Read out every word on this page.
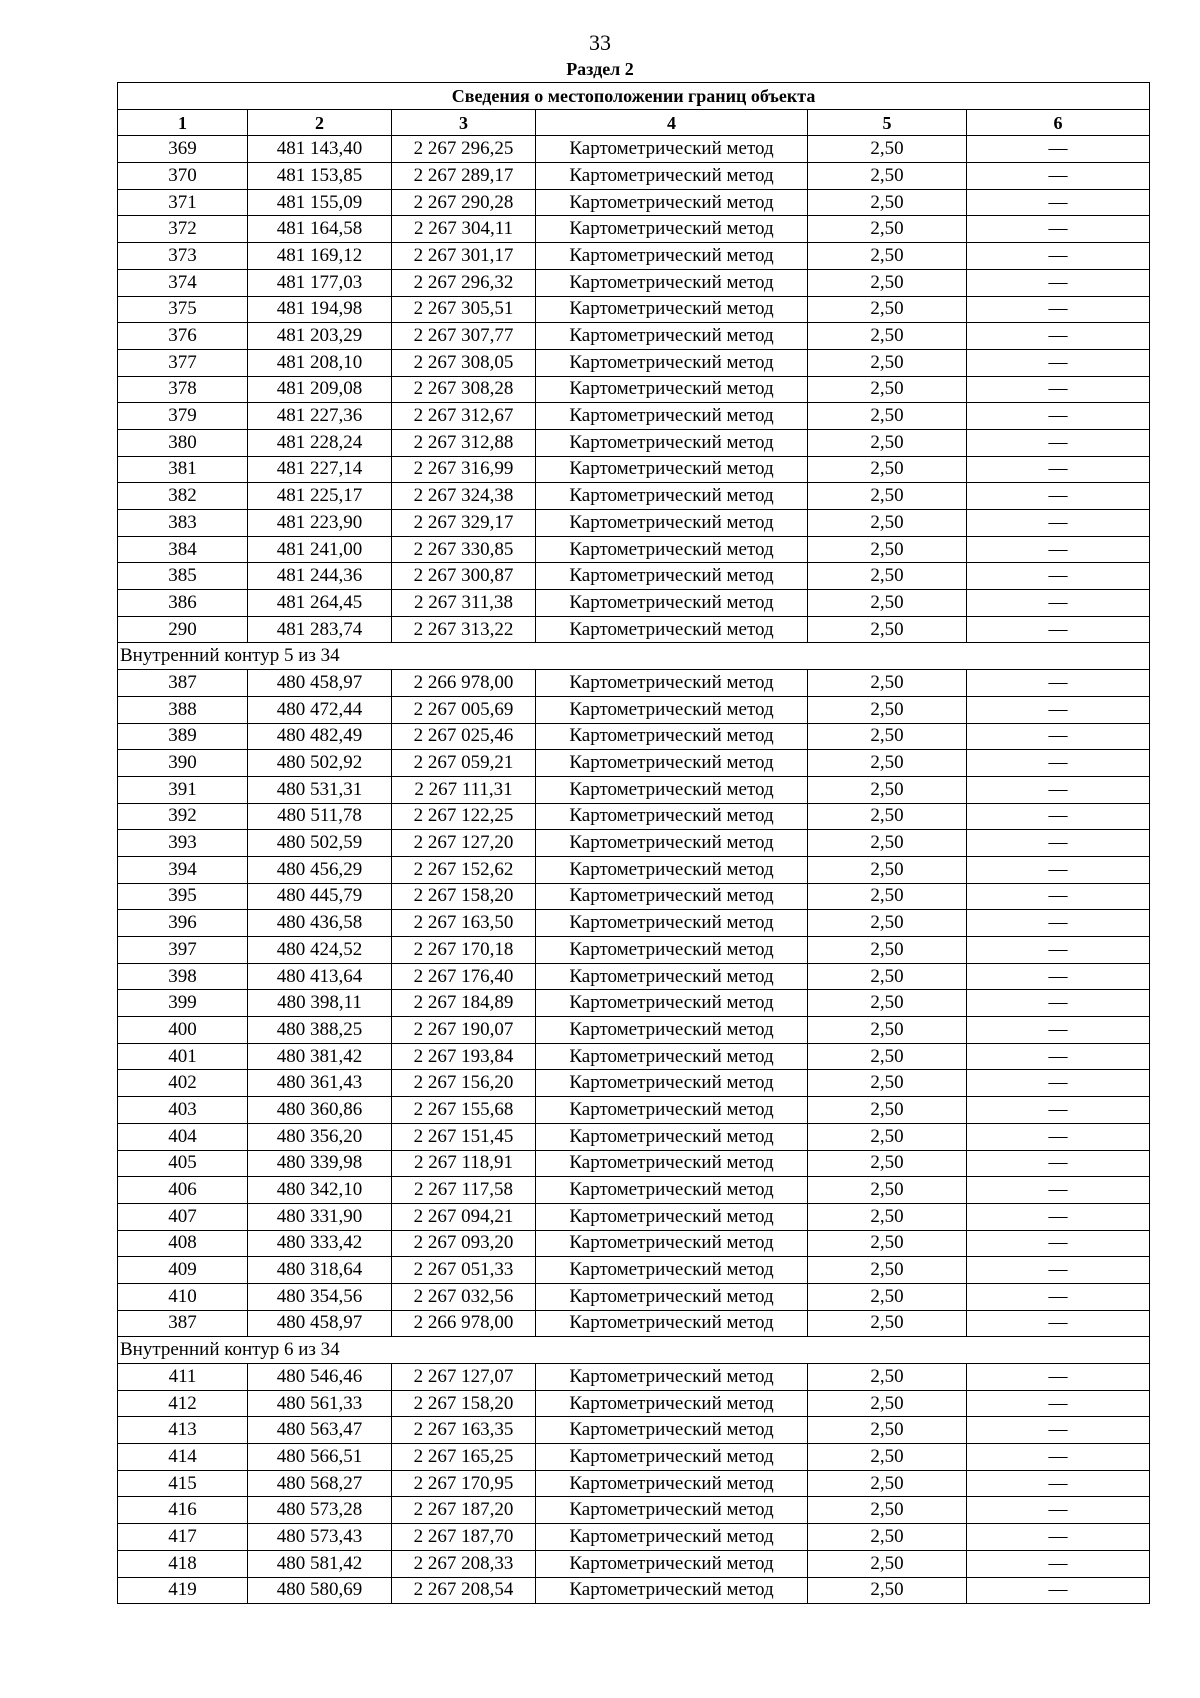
33
Раздел 2
Сведения о местоположении границ объекта					
1	2	3	4	5	6
369	481 143,40	2 267 296,25	Картометрический метод	2,50	—
370	481 153,85	2 267 289,17	Картометрический метод	2,50	—
371	481 155,09	2 267 290,28	Картометрический метод	2,50	—
372	481 164,58	2 267 304,11	Картометрический метод	2,50	—
373	481 169,12	2 267 301,17	Картометрический метод	2,50	—
374	481 177,03	2 267 296,32	Картометрический метод	2,50	—
375	481 194,98	2 267 305,51	Картометрический метод	2,50	—
376	481 203,29	2 267 307,77	Картометрический метод	2,50	—
377	481 208,10	2 267 308,05	Картометрический метод	2,50	—
378	481 209,08	2 267 308,28	Картометрический метод	2,50	—
379	481 227,36	2 267 312,67	Картометрический метод	2,50	—
380	481 228,24	2 267 312,88	Картометрический метод	2,50	—
381	481 227,14	2 267 316,99	Картометрический метод	2,50	—
382	481 225,17	2 267 324,38	Картометрический метод	2,50	—
383	481 223,90	2 267 329,17	Картометрический метод	2,50	—
384	481 241,00	2 267 330,85	Картометрический метод	2,50	—
385	481 244,36	2 267 300,87	Картометрический метод	2,50	—
386	481 264,45	2 267 311,38	Картометрический метод	2,50	—
290	481 283,74	2 267 313,22	Картометрический метод	2,50	—
Внутренний контур 5 из 34					
387	480 458,97	2 266 978,00	Картометрический метод	2,50	—
388	480 472,44	2 267 005,69	Картометрический метод	2,50	—
389	480 482,49	2 267 025,46	Картометрический метод	2,50	—
390	480 502,92	2 267 059,21	Картометрический метод	2,50	—
391	480 531,31	2 267 111,31	Картометрический метод	2,50	—
392	480 511,78	2 267 122,25	Картометрический метод	2,50	—
393	480 502,59	2 267 127,20	Картометрический метод	2,50	—
394	480 456,29	2 267 152,62	Картометрический метод	2,50	—
395	480 445,79	2 267 158,20	Картометрический метод	2,50	—
396	480 436,58	2 267 163,50	Картометрический метод	2,50	—
397	480 424,52	2 267 170,18	Картометрический метод	2,50	—
398	480 413,64	2 267 176,40	Картометрический метод	2,50	—
399	480 398,11	2 267 184,89	Картометрический метод	2,50	—
400	480 388,25	2 267 190,07	Картометрический метод	2,50	—
401	480 381,42	2 267 193,84	Картометрический метод	2,50	—
402	480 361,43	2 267 156,20	Картометрический метод	2,50	—
403	480 360,86	2 267 155,68	Картометрический метод	2,50	—
404	480 356,20	2 267 151,45	Картометрический метод	2,50	—
405	480 339,98	2 267 118,91	Картометрический метод	2,50	—
406	480 342,10	2 267 117,58	Картометрический метод	2,50	—
407	480 331,90	2 267 094,21	Картометрический метод	2,50	—
408	480 333,42	2 267 093,20	Картометрический метод	2,50	—
409	480 318,64	2 267 051,33	Картометрический метод	2,50	—
410	480 354,56	2 267 032,56	Картометрический метод	2,50	—
387	480 458,97	2 266 978,00	Картометрический метод	2,50	—
Внутренний контур 6 из 34					
411	480 546,46	2 267 127,07	Картометрический метод	2,50	—
412	480 561,33	2 267 158,20	Картометрический метод	2,50	—
413	480 563,47	2 267 163,35	Картометрический метод	2,50	—
414	480 566,51	2 267 165,25	Картометрический метод	2,50	—
415	480 568,27	2 267 170,95	Картометрический метод	2,50	—
416	480 573,28	2 267 187,20	Картометрический метод	2,50	—
417	480 573,43	2 267 187,70	Картометрический метод	2,50	—
418	480 581,42	2 267 208,33	Картометрический метод	2,50	—
419	480 580,69	2 267 208,54	Картометрический метод	2,50	—
